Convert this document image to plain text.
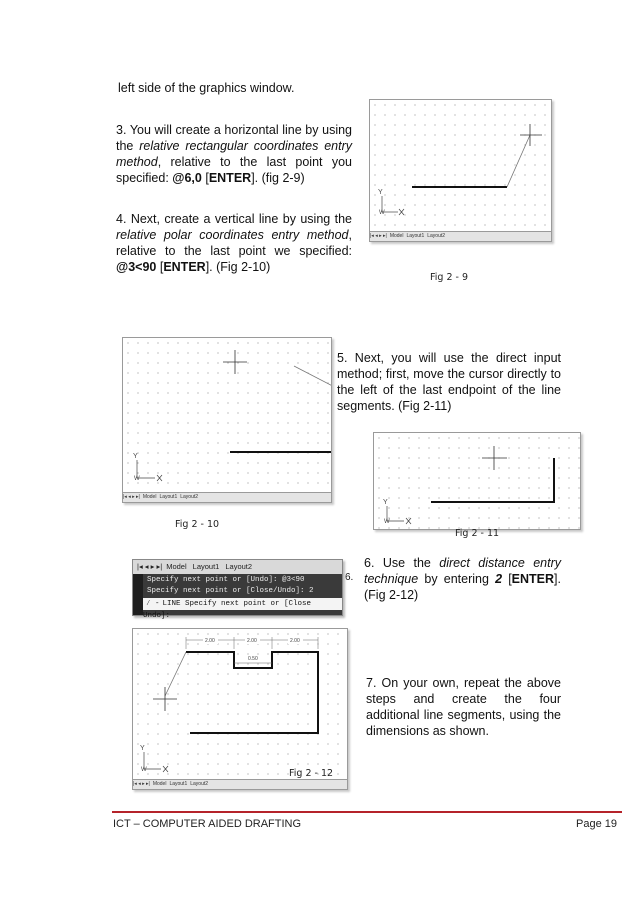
left side of the graphics window.

3. You will create a horizontal line by using the relative rectangular coordinates entry method, relative to the last point you specified: @6,0 [ENTER]. (fig 2-9)

4. Next, create a vertical line by using the relative polar coordinates entry method, relative to the last point we specified: @3<90 [ENTER]. (Fig 2-10)

5. Next, you will use the direct input method; first, move the cursor directly to the left of the last endpoint of the line segments. (Fig 2-11)

6.

6. Use the direct distance entry technique by entering 2 [ENTER]. (Fig 2-12)

7. On your own, repeat the above steps and create the four additional line segments, using the dimensions as shown.

Y
W
|◂ ◂ ▸ ▸| Model Layout1 Layout2
Fig 2 - 9
Y
W
|◂ ◂ ▸ ▸| Model Layout1 Layout2
Fig 2 - 10
Y
W
Fig 2 - 11
|◂ ◂ ▸ ▸| Model Layout1 Layout2
Specify next point or [Undo]: @3<90
Specify next point or [Close/Undo]: 2
⁄ - LINE Specify next point or [Close Undo]:
2.00	2.00	2.00
0.50
Y
W
|◂ ◂ ▸ ▸| Model Layout1 Layout2
Fig 2 - 12
ICT – COMPUTER AIDED DRAFTING	Page 19
